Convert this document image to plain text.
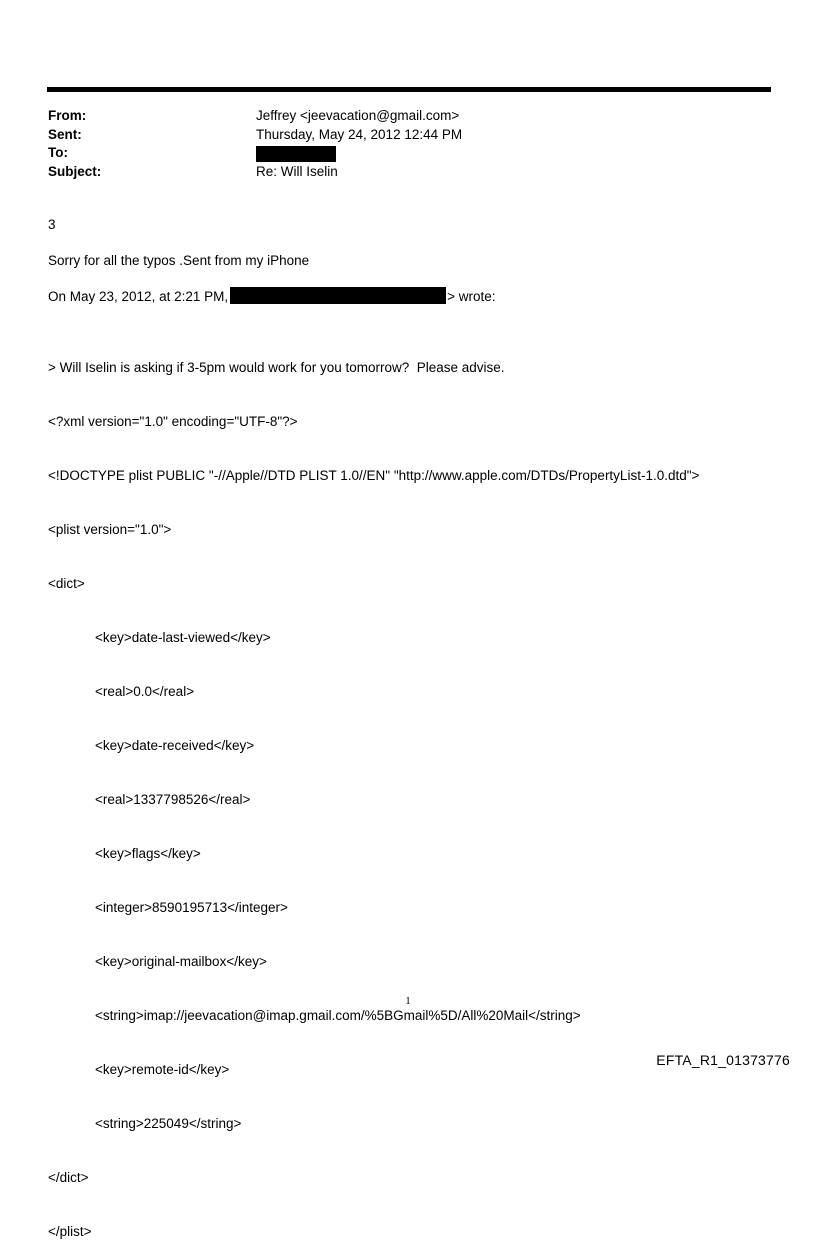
From:	Jeffrey <jeevacation@gmail.com>
Sent:	Thursday, May 24, 2012 12:44 PM
To:
Subject:	Re: Will Iselin
3
Sorry for all the typos .Sent from my iPhone
On May 23, 2012, at 2:21 PM,	> wrote:

> Will Iselin is asking if 3-5pm would work for you tomorrow?  Please advise.

<?xml version="1.0" encoding="UTF-8"?>

<!DOCTYPE plist PUBLIC "-//Apple//DTD PLIST 1.0//EN" "http://www.apple.com/DTDs/PropertyList-1.0.dtd">

<plist version="1.0">

<dict>

<key>date-last-viewed</key>

<real>0.0</real>

<key>date-received</key>

<real>1337798526</real>

<key>flags</key>

<integer>8590195713</integer>

<key>original-mailbox</key>

<string>imap://jeevacation@imap.gmail.com/%5BGmail%5D/All%20Mail</string>

<key>remote-id</key>

<string>225049</string>

</dict>

</plist>

1
EFTA_R1_01373776
